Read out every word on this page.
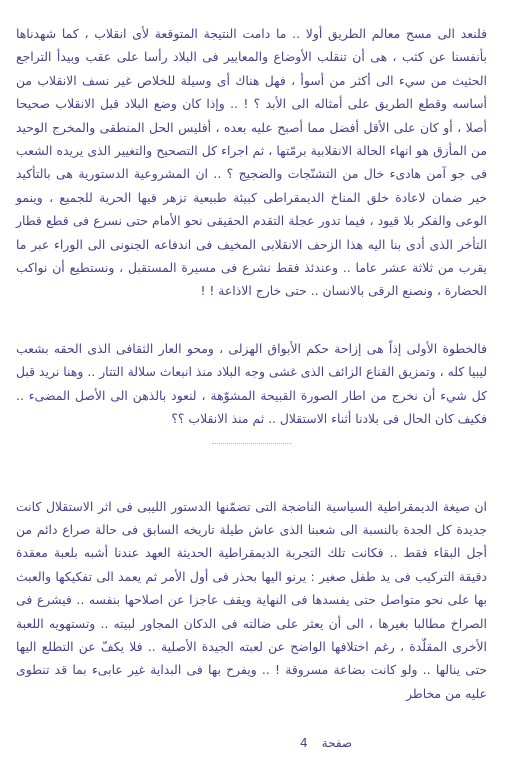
فلنعد الى مسح معالم الطريق أولا .. ما دامت النتيجة المتوقعة لأى انقلاب ، كما شهدناها بأنفسنا عن كثب ، هى أن تنقلب الأوضاع والمعايير فى البلاد رأسا على عقب وبيدأ التراجع الحثيث من سيء الى أكثر من أسوأ ، فهل هناك أى وسيلة للخلاص غير نسف الانقلاب من أساسه وقطع الطريق على أمثاله الى الأبد ؟ ! .. وإذا كان وضع البلاد قبل الانقلاب صحيحا أصلا ، أو كان على الأقل أفضل مما أصبح عليه بعده ، أفليس الحل المنطقى والمخرج الوحيد من المأزق هو انهاء الحالة الانقلابية برمّتها ، ثم اجراء كل التصحيح والتغيير الذى يريده الشعب فى جو آمن هادىء خال من التشنّجات والضجيج ؟ .. ان المشروعية الدستورية هى بالتأكيد خير ضمان لاعادة خلق المناخ الديمقراطى كبيئة طبيعية تزهر فيها الحرية للجميع ، وينمو الوعى والفكر بلا قيود ، فيما تدور عجلة التقدم الحقيقى نحو الأمام حتى نسرع فى قطع قطار التأخر الذى أدى بنا اليه هذا الزحف الانقلابى المخيف فى اندفاعه الجنونى الى الوراء عبر ما يقرب من ثلاثة عشر عاما .. وعندئذ فقط نشرع فى مسيرة المستقبل ، ونستطيع أن نواكب الحضارة ، ونصنع الرقى بالانسان .. حتى خارج الاذاعة ! !

فالخطوة الأولى إذاً هى إزاحة حكم الأبواق الهزلى ، ومحو العار الثقافى الذى الحقه بشعب ليبيا كله ، وتمزيق القناع الزائف الذى غشى وجه البلاد منذ انبعاث سلالة التتار .. وهنا نريد قبل كل شيء أن نخرج من اطار الصورة القبيحة المشوّهة ، لنعود بالذهن الى الأصل المضىء .. فكيف كان الحال فى بلادنا أثناء الاستقلال .. ثم منذ الانقلاب ؟؟

ان صيغة الديمقراطية السياسية الناضجة التى تضمّنها الدستور الليبى فى اثر الاستقلال كانت جديدة كل الجدة بالنسبة الى شعبنا الذى عاش طيلة تاريخه السابق فى حالة صراع دائم من أجل البقاء فقط .. فكانت تلك التجربة الديمقراطية الحديثة العهد عندنا أشبه بلعبة معقدة دقيقة التركيب فى يد طفل صغير : يرنو اليها بحذر فى أول الأمر ثم يعمد الى تفكيكها والعبث بها على نحو متواصل حتى يفسدها فى النهاية ويقف عاجزا عن اصلاحها بنفسه .. فيشرع فى الصراخ مطالبا بغيرها ، الى أن يعثر على ضالته فى الدكان المجاور لبيته .. وتستهويه اللعبة الأخرى المقلّدة ، رغم اختلافها الواضح عن لعبته الجيدة الأصلية .. فلا يكفّ عن التطلع اليها حتى ينالها .. ولو كانت بضاعة مسروقة ! .. ويفرح بها فى البداية غير عابىء بما قد تنطوى عليه من مخاطر

صفحة
4
